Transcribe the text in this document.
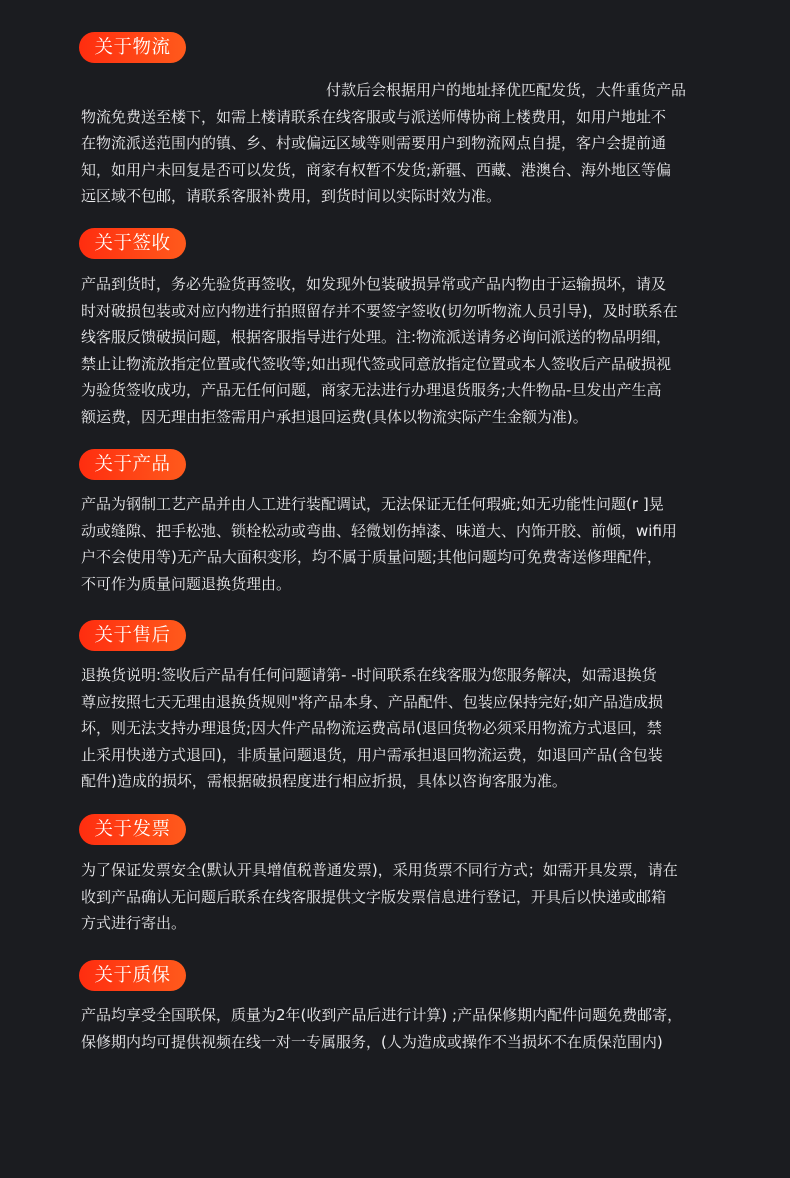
关于物流
付款后会根据用户的地址择优匹配发货，大件重货产品
物流免费送至楼下，如需上楼请联系在线客服或与派送师傅协商上楼费用，如用户地址不
在物流派送范围内的镇、乡、村或偏远区域等则需要用户到物流网点自提，客户会提前通
知，如用户未回复是否可以发货，商家有权暂不发货;新疆、西藏、港澳台、海外地区等偏
远区域不包邮，请联系客服补费用，到货时间以实际时效为准。
关于签收
产品到货时，务必先验货再签收，如发现外包装破损异常或产品内物由于运输损坏，请及
时对破损包装或对应内物进行拍照留存并不要签字签收(切勿听物流人员引导)，及时联系在
线客服反馈破损问题，根据客服指导进行处理。注:物流派送请务必询问派送的物品明细，
禁止让物流放指定位置或代签收等;如出现代签或同意放指定位置或本人签收后产品破损视
为验货签收成功，产品无任何问题，商家无法进行办理退货服务;大件物品-旦发出产生高
额运费，因无理由拒签需用户承担退回运费(具体以物流实际产生金额为准)。
关于产品
产品为钢制工艺产品并由人工进行装配调试，无法保证无任何瑕疵;如无功能性问题(r ]晃
动或缝隙、把手松弛、锁栓松动或弯曲、轻微划伤掉漆、味道大、内饰开胶、前倾，wifi用
户不会使用等)无产品大面积变形，均不属于质量问题;其他问题均可免费寄送修理配件，
不可作为质量问题退换货理由。
关于售后
退换货说明:签收后产品有任何问题请第- -时间联系在线客服为您服务解决，如需退换货
尊应按照七天无理由退换货规则"将产品本身、产品配件、包装应保持完好;如产品造成损
坏，则无法支持办理退货;因大件产品物流运费高昂(退回货物必须采用物流方式退回，禁
止采用快递方式退回)，非质量问题退货，用户需承担退回物流运费，如退回产品(含包装
配件)造成的损坏，需根据破损程度进行相应折损，具体以咨询客服为准。
关于发票
为了保证发票安全(默认开具增值税普通发票)，采用货票不同行方式；如需开具发票，请在
收到产品确认无问题后联系在线客服提供文字版发票信息进行登记，开具后以快递或邮箱
方式进行寄出。
关于质保
产品均享受全国联保，质量为2年(收到产品后进行计算) ;产品保修期内配件问题免费邮寄，
保修期内均可提供视频在线一对一专属服务，(人为造成或操作不当损坏不在质保范围内)
